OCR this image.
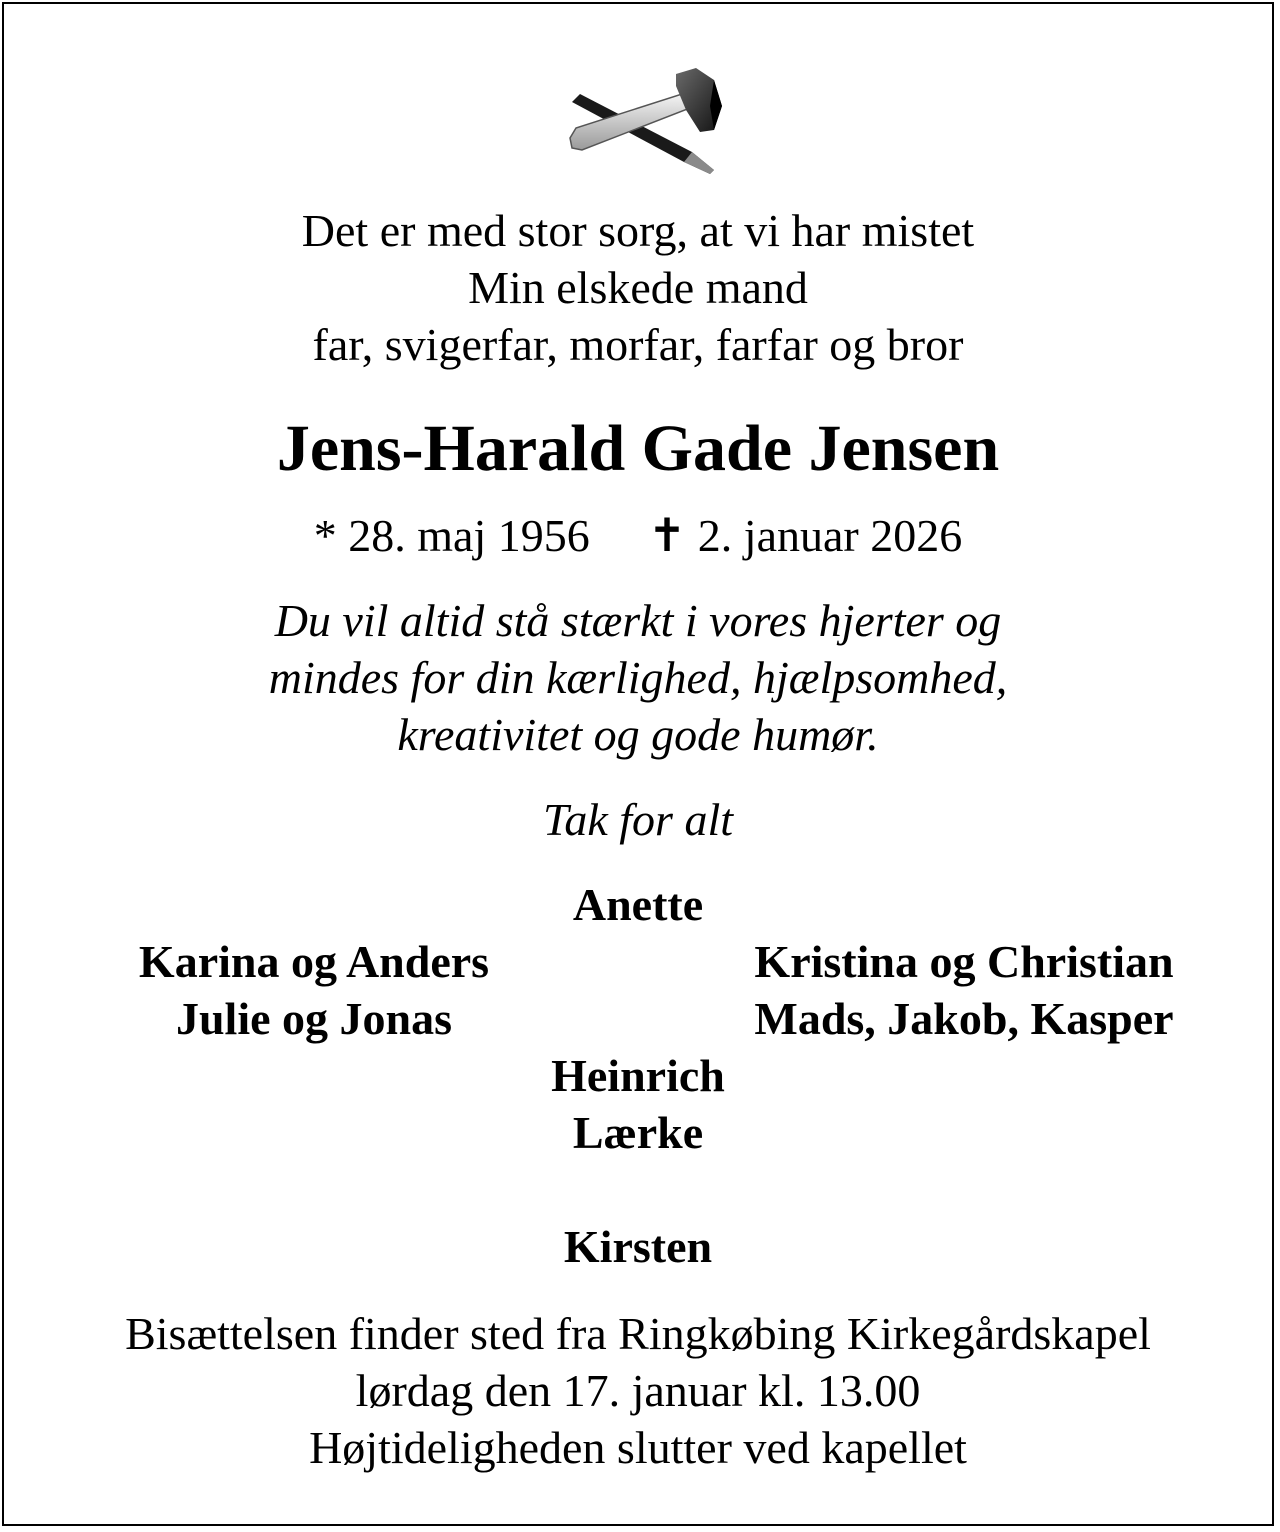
Det er med stor sorg, at vi har mistet
Min elskede mand
far, svigerfar, morfar, farfar og bror
Jens-Harald Gade Jensen
* 28. maj 1956 ✝ 2. januar 2026
Du vil altid stå stærkt i vores hjerter og
mindes for din kærlighed, hjælpsomhed,
kreativitet og gode humør.
Tak for alt
Anette
Karina og Anders
Julie og Jonas
Kristina og Christian
Mads, Jakob, Kasper
Heinrich
Lærke
Kirsten
Bisættelsen finder sted fra Ringkøbing Kirkegårdskapel
lørdag den 17. januar kl. 13.00
Højtideligheden slutter ved kapellet
